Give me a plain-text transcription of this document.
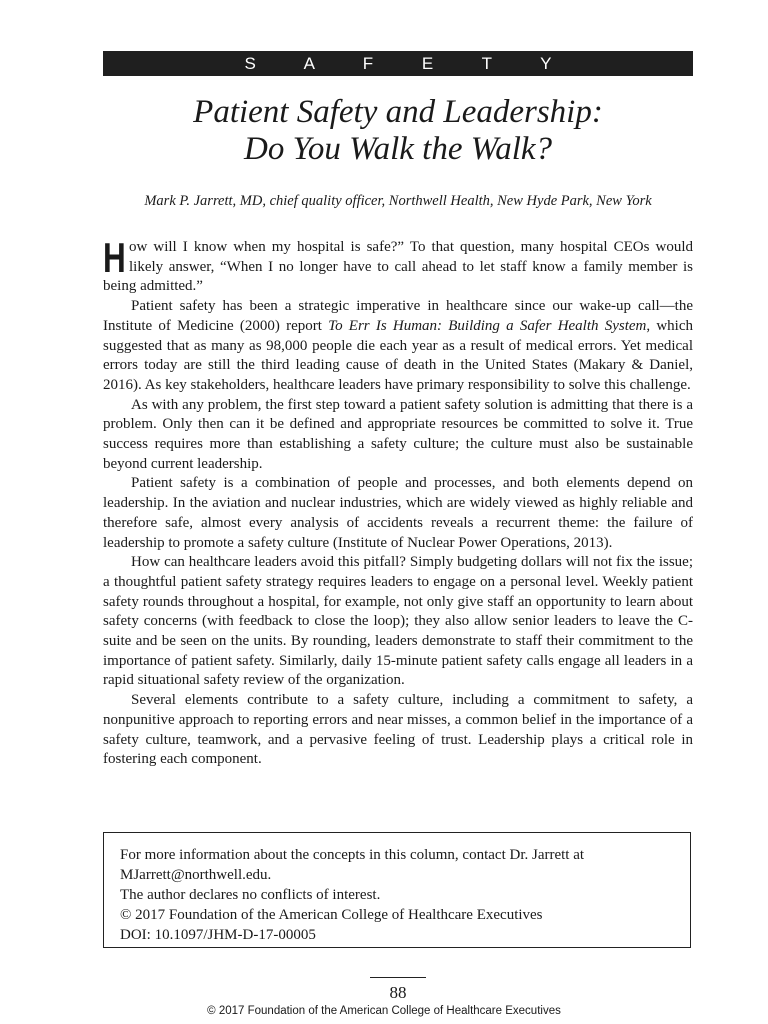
S A F E T Y
Patient Safety and Leadership:
Do You Walk the Walk?
Mark P. Jarrett, MD, chief quality officer, Northwell Health, New Hyde Park, New York

How will I know when my hospital is safe?” To that question, many hospital CEOs would likely answer, “When I no longer have to call ahead to let staff know a family member is being admitted.”

Patient safety has been a strategic imperative in healthcare since our wake-up call—the Institute of Medicine (2000) report To Err Is Human: Building a Safer Health System, which suggested that as many as 98,000 people die each year as a result of medical errors. Yet medical errors today are still the third leading cause of death in the United States (Makary & Daniel, 2016). As key stakeholders, healthcare leaders have primary responsibility to solve this challenge.

As with any problem, the first step toward a patient safety solution is admitting that there is a problem. Only then can it be defined and appropriate resources be committed to solve it. True success requires more than establishing a safety culture; the culture must also be sustainable beyond current leadership.

Patient safety is a combination of people and processes, and both elements depend on leadership. In the aviation and nuclear industries, which are widely viewed as highly reliable and therefore safe, almost every analysis of accidents reveals a recurrent theme: the failure of leadership to promote a safety culture (Institute of Nuclear Power Operations, 2013).

How can healthcare leaders avoid this pitfall? Simply budgeting dollars will not fix the issue; a thoughtful patient safety strategy requires leaders to engage on a personal level. Weekly patient safety rounds throughout a hospital, for example, not only give staff an opportunity to learn about safety concerns (with feedback to close the loop); they also allow senior leaders to leave the C-suite and be seen on the units. By rounding, leaders demonstrate to staff their commitment to the importance of patient safety. Similarly, daily 15-minute patient safety calls engage all leaders in a rapid situational safety review of the organization.

Several elements contribute to a safety culture, including a commitment to safety, a nonpunitive approach to reporting errors and near misses, a common belief in the importance of a safety culture, teamwork, and a pervasive feeling of trust. Leadership plays a critical role in fostering each component.

For more information about the concepts in this column, contact Dr. Jarrett at MJarrett@northwell.edu.
The author declares no conflicts of interest.
© 2017 Foundation of the American College of Healthcare Executives
DOI: 10.1097/JHM-D-17-00005
88
© 2017 Foundation of the American College of Healthcare Executives
